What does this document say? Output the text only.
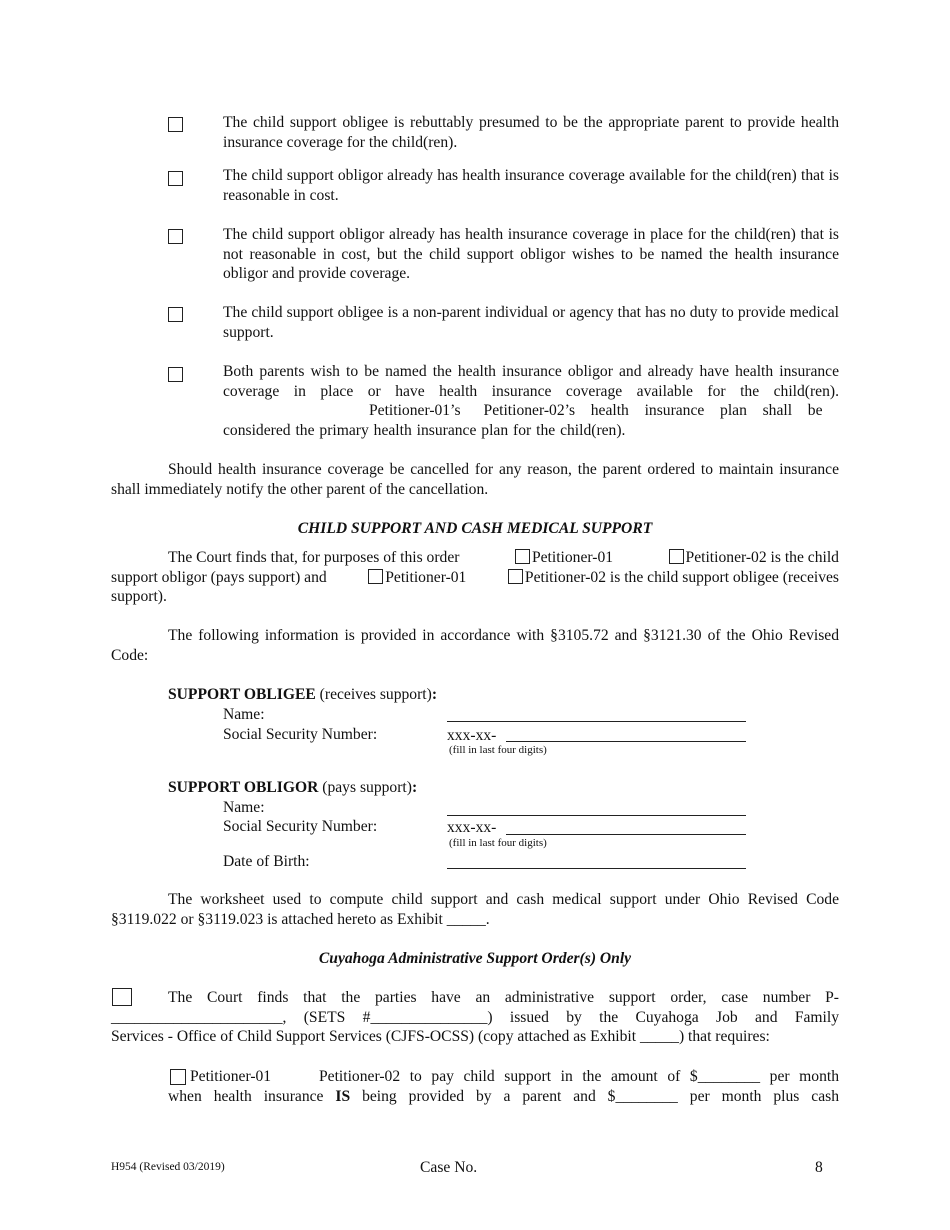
The child support obligee is rebuttably presumed to be the appropriate parent to provide health insurance coverage for the child(ren).
The child support obligor already has health insurance coverage available for the child(ren) that is reasonable in cost.
The child support obligor already has health insurance coverage in place for the child(ren) that is not reasonable in cost, but the child support obligor wishes to be named the health insurance obligor and provide coverage.
The child support obligee is a non-parent individual or agency that has no duty to provide medical support.
Both parents wish to be named the health insurance obligor and already have health insurance coverage in place or have health insurance coverage available for the child(ren).
Petitioner-01’s Petitioner-02’s health insurance plan shall be
considered the primary health insurance plan for the child(ren).
Should health insurance coverage be cancelled for any reason, the parent ordered to maintain insurance shall immediately notify the other parent of the cancellation.
CHILD SUPPORT AND CASH MEDICAL SUPPORT
The Court finds that, for purposes of this order	Petitioner-01	Petitioner-02 is the child
support obligor (pays support) and	Petitioner-01	Petitioner-02 is the child support obligee (receives
support).
The following information is provided in accordance with §3105.72 and §3121.30 of the Ohio Revised Code:
SUPPORT OBLIGEE (receives support):
Name:
Social Security Number:	xxx-xx-
(fill in last four digits)
SUPPORT OBLIGOR (pays support):
Name:
Social Security Number:	xxx-xx-
(fill in last four digits)
Date of Birth:
The worksheet used to compute child support and cash medical support under Ohio Revised Code §3119.022 or §3119.023 is attached hereto as Exhibit _____.
Cuyahoga Administrative Support Order(s) Only
The Court finds that the parties have an administrative support order, case number P-
______________________, (SETS #_______________) issued by the Cuyahoga Job and Family
Services - Office of Child Support Services (CJFS-OCSS) (copy attached as Exhibit _____) that requires:
Petitioner-01     Petitioner-02 to pay child support in the amount of $________ per month
when health insurance IS being provided by a parent and $________ per month plus cash
H954 (Revised 03/2019)	Case No.	8
